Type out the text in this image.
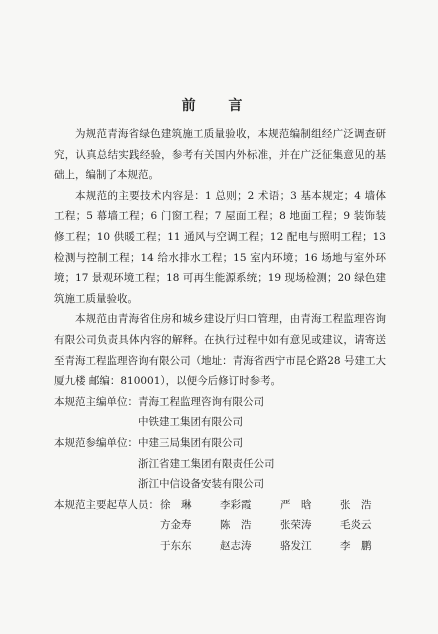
前 言

为规范青海省绿色建筑施工质量验收，本规范编制组经广泛调查研究，认真总结实践经验，参考有关国内外标准，并在广泛征集意见的基础上，编制了本规范。

本规范的主要技术内容是：1 总则；2 术语；3 基本规定；4 墙体工程；5 幕墙工程；6 门窗工程；7 屋面工程；8 地面工程；9 装饰装修工程；10 供暖工程；11 通风与空调工程；12 配电与照明工程；13 检测与控制工程；14 给水排水工程；15 室内环境；16 场地与室外环境；17 景观环境工程；18 可再生能源系统；19 现场检测；20 绿色建筑施工质量验收。

本规范由青海省住房和城乡建设厅归口管理，由青海工程监理咨询有限公司负责具体内容的解释。在执行过程中如有意见或建议，请寄送至青海工程监理咨询有限公司（地址：青海省西宁市昆仑路28 号建工大厦九楼 邮编：810001），以便今后修订时参考。

本规范主编单位： 青海工程监理咨询有限公司
中铁建工集团有限公司
本规范参编单位： 中建三局集团有限公司
浙江省建工集团有限责任公司
浙江中信设备安装有限公司
本规范主要起草人员： 徐　琳	李彩霞	严　晗	张　浩
方金寿	陈　浩	张荣涛	毛炎云
于东东	赵志涛	骆发江	李　鹏
